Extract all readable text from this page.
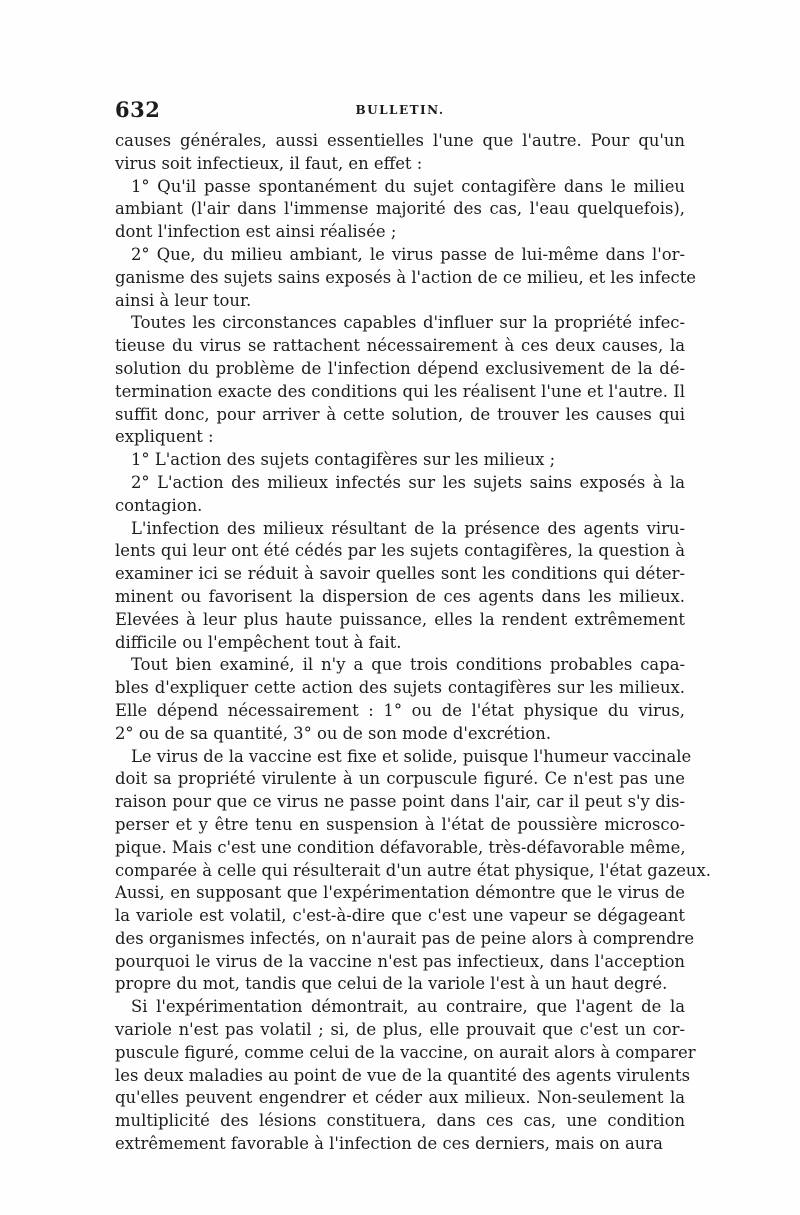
632	BULLETIN.
causes générales, aussi essentielles l'une que l'autre. Pour qu'un
virus soit infectieux, il faut, en effet :
1° Qu'il passe spontanément du sujet contagifère dans le milieu
ambiant (l'air dans l'immense majorité des cas, l'eau quelquefois),
dont l'infection est ainsi réalisée ;
2° Que, du milieu ambiant, le virus passe de lui-même dans l'or-
ganisme des sujets sains exposés à l'action de ce milieu, et les infecte
ainsi à leur tour.
Toutes les circonstances capables d'influer sur la propriété infec-
tieuse du virus se rattachent nécessairement à ces deux causes, la
solution du problème de l'infection dépend exclusivement de la dé-
termination exacte des conditions qui les réalisent l'une et l'autre. Il
suffit donc, pour arriver à cette solution, de trouver les causes qui
expliquent :
1° L'action des sujets contagifères sur les milieux ;
2° L'action des milieux infectés sur les sujets sains exposés à la
contagion.
L'infection des milieux résultant de la présence des agents viru-
lents qui leur ont été cédés par les sujets contagifères, la question à
examiner ici se réduit à savoir quelles sont les conditions qui déter-
minent ou favorisent la dispersion de ces agents dans les milieux.
Elevées à leur plus haute puissance, elles la rendent extrêmement
difficile ou l'empêchent tout à fait.
Tout bien examiné, il n'y a que trois conditions probables capa-
bles d'expliquer cette action des sujets contagifères sur les milieux.
Elle dépend nécessairement : 1° ou de l'état physique du virus,
2° ou de sa quantité, 3° ou de son mode d'excrétion.
Le virus de la vaccine est fixe et solide, puisque l'humeur vaccinale
doit sa propriété virulente à un corpuscule figuré. Ce n'est pas une
raison pour que ce virus ne passe point dans l'air, car il peut s'y dis-
perser et y être tenu en suspension à l'état de poussière microsco-
pique. Mais c'est une condition défavorable, très-défavorable même,
comparée à celle qui résulterait d'un autre état physique, l'état gazeux.
Aussi, en supposant que l'expérimentation démontre que le virus de
la variole est volatil, c'est-à-dire que c'est une vapeur se dégageant
des organismes infectés, on n'aurait pas de peine alors à comprendre
pourquoi le virus de la vaccine n'est pas infectieux, dans l'acception
propre du mot, tandis que celui de la variole l'est à un haut degré.
Si l'expérimentation démontrait, au contraire, que l'agent de la
variole n'est pas volatil ; si, de plus, elle prouvait que c'est un cor-
puscule figuré, comme celui de la vaccine, on aurait alors à comparer
les deux maladies au point de vue de la quantité des agents virulents
qu'elles peuvent engendrer et céder aux milieux. Non-seulement la
multiplicité des lésions constituera, dans ces cas, une condition
extrêmement favorable à l'infection de ces derniers, mais on aura
